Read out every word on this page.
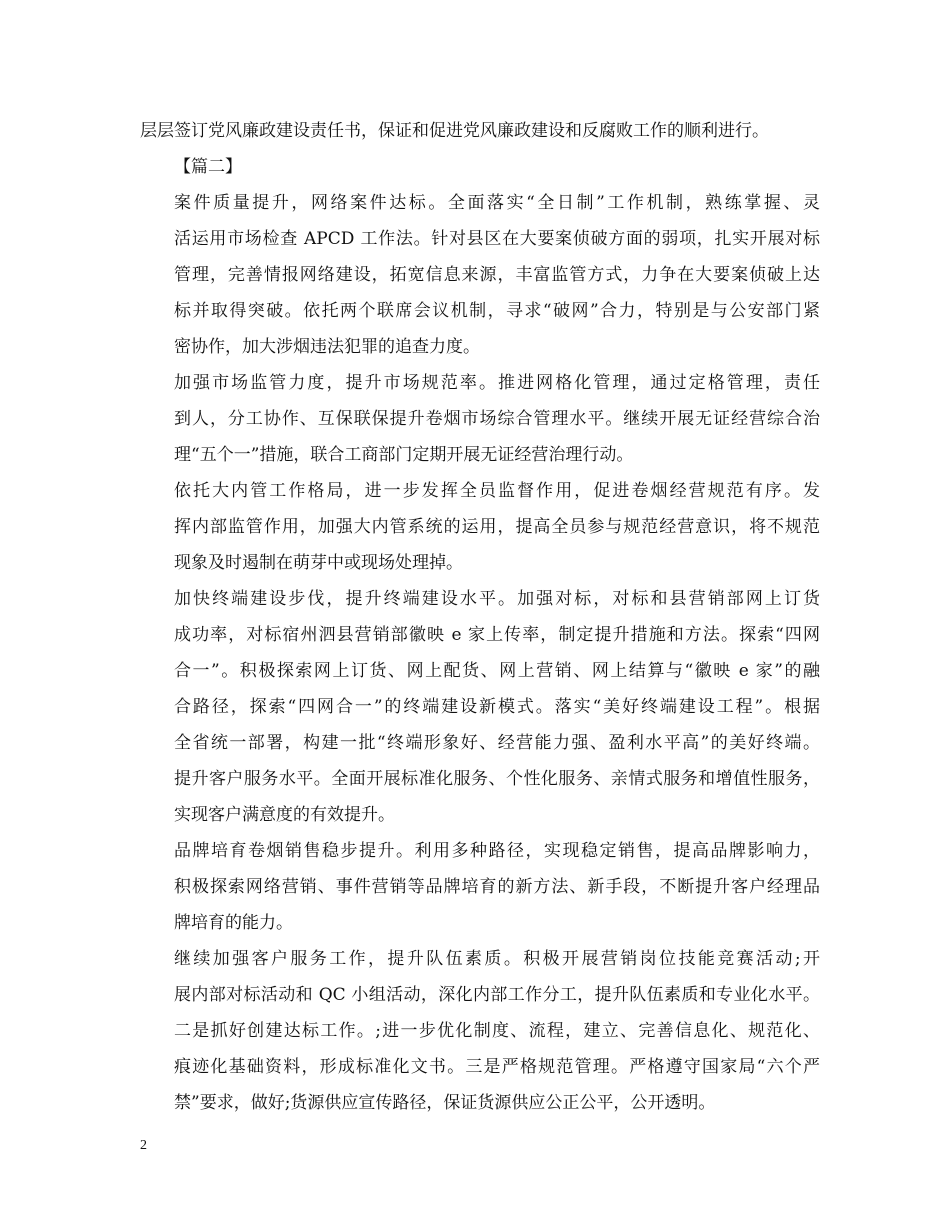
层层签订党风廉政建设责任书，保证和促进党风廉政建设和反腐败工作的顺利进行。

【篇二】

案件质量提升，网络案件达标。全面落实“全日制”工作机制，熟练掌握、灵
活运用市场检查 APCD 工作法。针对县区在大要案侦破方面的弱项，扎实开展对标
管理，完善情报网络建设，拓宽信息来源，丰富监管方式，力争在大要案侦破上达
标并取得突破。依托两个联席会议机制，寻求“破网”合力，特别是与公安部门紧
密协作，加大涉烟违法犯罪的追查力度。

加强市场监管力度，提升市场规范率。推进网格化管理，通过定格管理，责任
到人，分工协作、互保联保提升卷烟市场综合管理水平。继续开展无证经营综合治
理“五个一”措施，联合工商部门定期开展无证经营治理行动。

依托大内管工作格局，进一步发挥全员监督作用，促进卷烟经营规范有序。发
挥内部监管作用，加强大内管系统的运用，提高全员参与规范经营意识，将不规范
现象及时遏制在萌芽中或现场处理掉。

加快终端建设步伐，提升终端建设水平。加强对标，对标和县营销部网上订货
成功率，对标宿州泗县营销部徽映 e 家上传率，制定提升措施和方法。探索“四网
合一”。积极探索网上订货、网上配货、网上营销、网上结算与“徽映 e 家”的融
合路径，探索“四网合一”的终端建设新模式。落实“美好终端建设工程”。根据
全省统一部署，构建一批“终端形象好、经营能力强、盈利水平高”的美好终端。
提升客户服务水平。全面开展标准化服务、个性化服务、亲情式服务和增值性服务，
实现客户满意度的有效提升。

品牌培育卷烟销售稳步提升。利用多种路径，实现稳定销售，提高品牌影响力，
积极探索网络营销、事件营销等品牌培育的新方法、新手段，不断提升客户经理品
牌培育的能力。

继续加强客户服务工作，提升队伍素质。积极开展营销岗位技能竞赛活动;开
展内部对标活动和 QC 小组活动，深化内部工作分工，提升队伍素质和专业化水平。
二是抓好创建达标工作。;进一步优化制度、流程，建立、完善信息化、规范化、
痕迹化基础资料，形成标准化文书。三是严格规范管理。严格遵守国家局“六个严
禁”要求，做好;货源供应宣传路径，保证货源供应公正公平，公开透明。

2
